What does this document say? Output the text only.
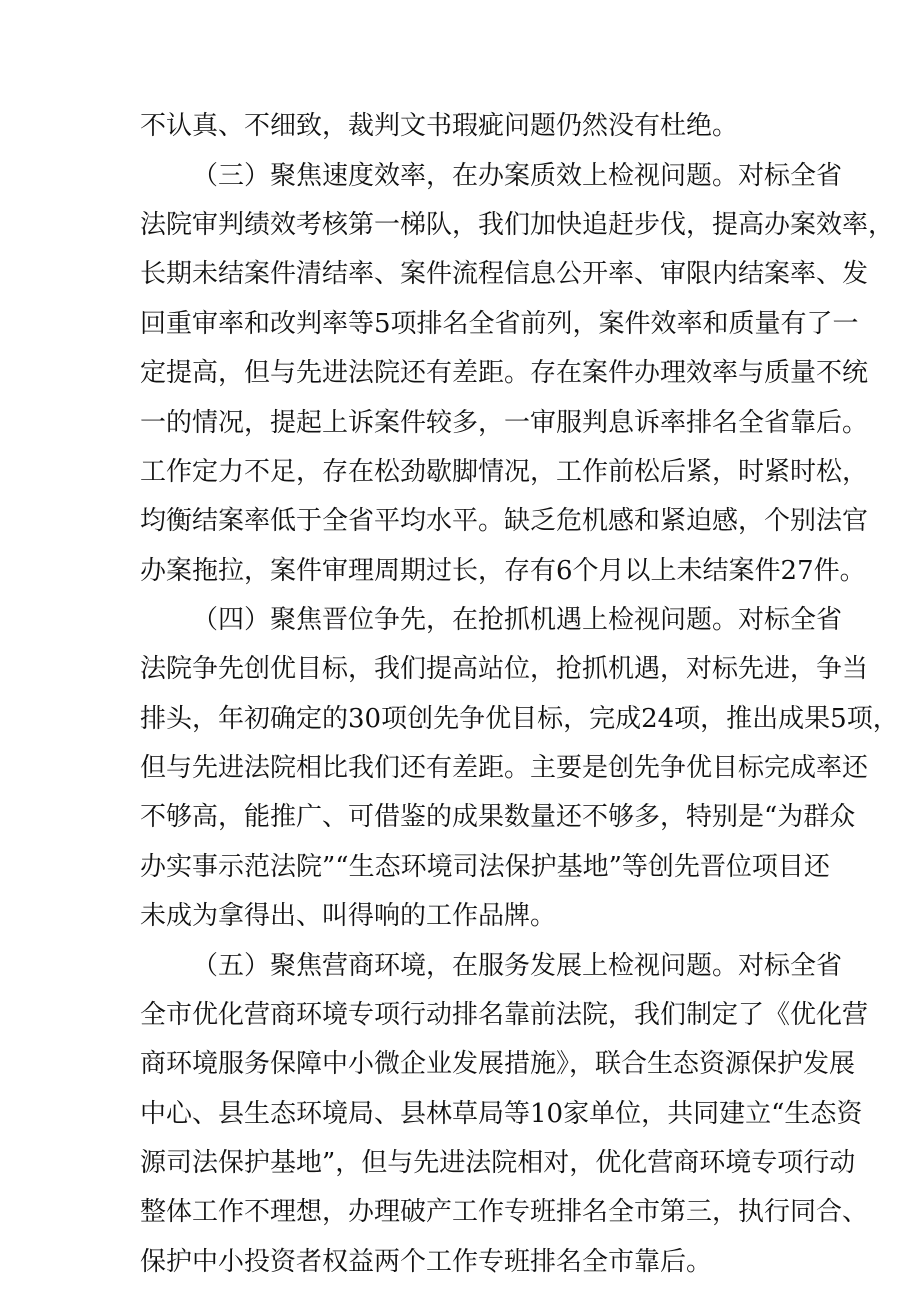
不认真、不细致，裁判文书瑕疵问题仍然没有杜绝。

（三）聚焦速度效率，在办案质效上检视问题。对标全省

法院审判绩效考核第一梯队，我们加快追赶步伐，提高办案效率，

长期未结案件清结率、案件流程信息公开率、审限内结案率、发

回重审率和改判率等5项排名全省前列，案件效率和质量有了一

定提高，但与先进法院还有差距。存在案件办理效率与质量不统

一的情况，提起上诉案件较多，一审服判息诉率排名全省靠后。

工作定力不足，存在松劲歇脚情况，工作前松后紧，时紧时松，

均衡结案率低于全省平均水平。缺乏危机感和紧迫感，个别法官

办案拖拉，案件审理周期过长，存有6个月以上未结案件27件。

（四）聚焦晋位争先，在抢抓机遇上检视问题。对标全省

法院争先创优目标，我们提高站位，抢抓机遇，对标先进，争当

排头，年初确定的30项创先争优目标，完成24项，推出成果5项，

但与先进法院相比我们还有差距。主要是创先争优目标完成率还

不够高，能推广、可借鉴的成果数量还不够多，特别是“为群众

办实事示范法院”“生态环境司法保护基地”等创先晋位项目还

未成为拿得出、叫得响的工作品牌。

（五）聚焦营商环境，在服务发展上检视问题。对标全省

全市优化营商环境专项行动排名靠前法院，我们制定了《优化营

商环境服务保障中小微企业发展措施》，联合生态资源保护发展

中心、县生态环境局、县林草局等10家单位，共同建立“生态资

源司法保护基地”，但与先进法院相对，优化营商环境专项行动

整体工作不理想，办理破产工作专班排名全市第三，执行同合、

保护中小投资者权益两个工作专班排名全市靠后。
